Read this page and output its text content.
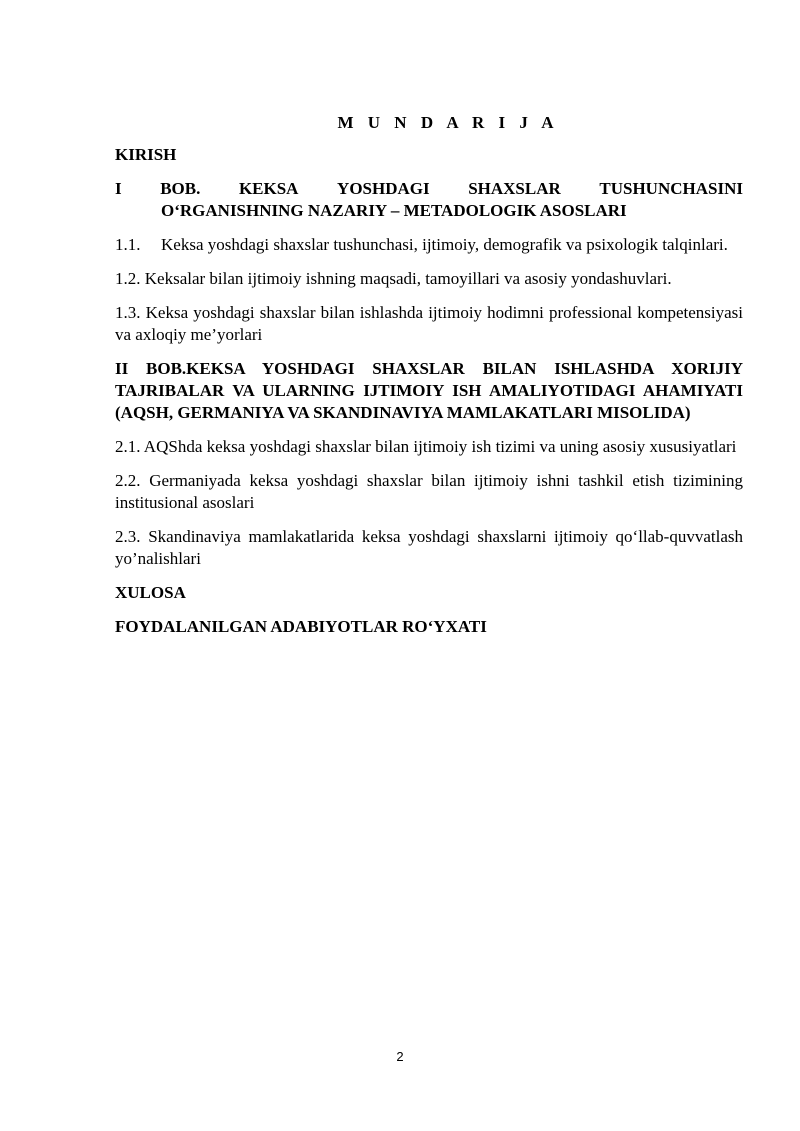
M U N D A R I J A
KIRISH
I BOB. KEKSA YOSHDAGI SHAXSLAR TUSHUNCHASINI
O‘RGANISHNING NAZARIY – METADOLOGIK ASOSLARI
1.1.	Keksa yoshdagi shaxslar tushunchasi, ijtimoiy, demografik va psixologik talqinlari.
1.2. Keksalar bilan ijtimoiy ishning maqsadi, tamoyillari va asosiy yondashuvlari.
1.3. Keksa yoshdagi shaxslar bilan ishlashda ijtimoiy hodimni professional kompetensiyasi va axloqiy me’yorlari
II BOB.KEKSA YOSHDAGI SHAXSLAR BILAN ISHLASHDA XORIJIY TAJRIBALAR VA ULARNING IJTIMOIY ISH AMALIYOTIDAGI AHAMIYATI (AQSH, GERMANIYA VA SKANDINAVIYA MAMLAKATLARI MISOLIDA)
2.1. AQShda keksa yoshdagi shaxslar bilan ijtimoiy ish tizimi va uning asosiy xususiyatlari
2.2. Germaniyada keksa yoshdagi shaxslar bilan ijtimoiy ishni tashkil etish tizimining institusional asoslari
2.3. Skandinaviya mamlakatlarida keksa yoshdagi shaxslarni ijtimoiy qo‘llab-quvvatlash yo’nalishlari
XULOSA
FOYDALANILGAN ADABIYOTLAR RO‘YXATI
2
